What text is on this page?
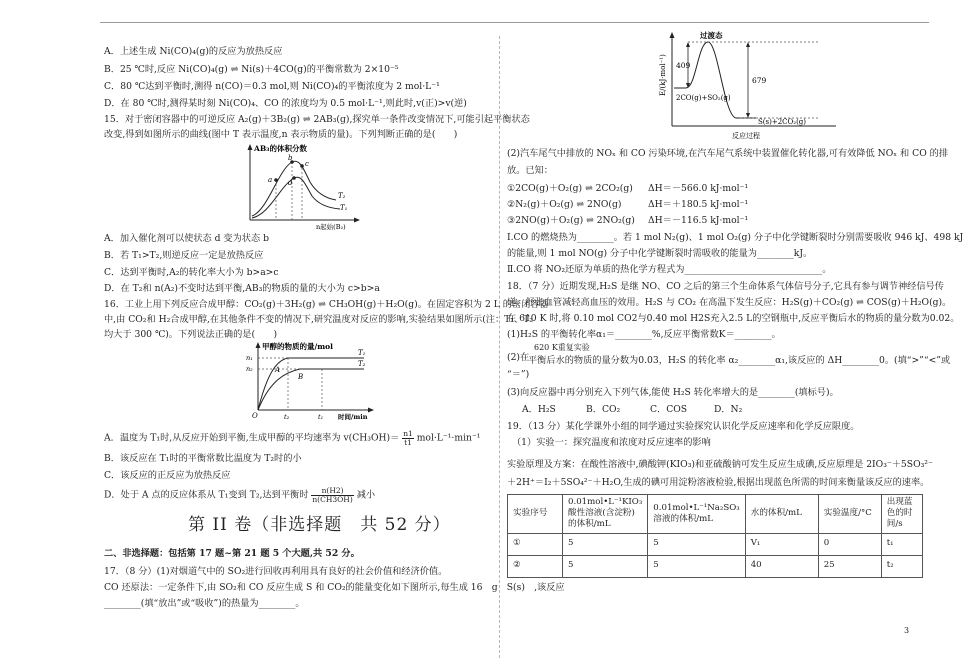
A．上述生成 Ni(CO)₄(g)的反应为放热反应
B．25 ℃时,反应 Ni(CO)₄(g) ⇌ Ni(s)＋4CO(g)的平衡常数为 2×10⁻⁵
C．80 ℃达到平衡时,测得 n(CO)＝0.3 mol,则 Ni(CO)₄的平衡浓度为 2 mol·L⁻¹
D．在 80 ℃时,测得某时刻 Ni(CO)₄、CO 的浓度均为 0.5 mol·L⁻¹,则此时,v(正)>v(逆)
15．对于密闭容器中的可逆反应 A₂(g)＋3B₂(g) ⇌ 2AB₃(g),探究单一条件改变情况下,可能引起平衡状态
改变,得到如图所示的曲线(图中 T 表示温度,n 表示物质的量)。下列判断正确的是(　　)
AB₃的体积分数
a
b
c
d
T₂
T₁
n起始(B₂)
A．加入催化剂可以使状态 d 变为状态 b
B．若 T₁>T₂,则逆反应一定是放热反应
C．达到平衡时,A₂的转化率大小为 b>a>c
D．在 T₂和 n(A₂)不变时达到平衡,AB₃的物质的量的大小为 c>b>a
16．工业上用下列反应合成甲醇：CO₂(g)＋3H₂(g) ⇌ CH₃OH(g)＋H₂O(g)。在固定容积为 2 L 的密闭容器
中,由 CO₂和 H₂合成甲醇,在其他条件不变的情况下,研究温度对反应的影响,实验结果如图所示(注：T₁、T₂
均大于 300 ℃)。下列说法正确的是(　　)
甲醇的物质的量/mol
n₁
n₂
T₁
T₂
A
B
O	t₂	t₁ 时间/min
A．温度为 T₁时,从反应开始到平衡,生成甲醇的平均速率为 $v(CH_3OH)= \frac{n1}{t1} mol\cdot L^{-1}\cdot\min^{-1}$
B．该反应在 T₁时的平衡常数比温度为 T₂时的小
C．该反应的正反应为放热反应
D．处于 A 点的反应体系从 T₁变到 T₂,达到平衡时 $\frac{n(H2)}{n(CH3OH)}$ 减小
第 II 卷（非选择题　共 52 分）
二、非选择题：包括第 17 题~第 21 题 5 个大题,共 52 分。
17．（8 分）(1)对烟道气中的 SO₂进行回收再利用具有良好的社会价值和经济价值。
CO 还原法：一定条件下,由 SO₂和 CO 反应生成 S 和 CO₂的能量变化如下图所示,每生成 16　g　S(s)　,该反应
________(填“放出”或“吸收”)的热量为________。
E/(kJ·mol⁻¹)
过渡态
409
679
2CO(g)+SO₂(g)
S(s)+2CO₂(g)
反应过程
(2)汽车尾气中排放的 NOₓ 和 CO 污染环境,在汽车尾气系统中装置催化转化器,可有效降低 NOₓ 和 CO 的排
放。已知：
①2CO(g)＋O₂(g) ⇌ 2CO₂(g) ΔH＝－566.0 kJ·mol⁻¹
②N₂(g)＋O₂(g) ⇌ 2NO(g)	ΔH＝＋180.5 kJ·mol⁻¹
③2NO(g)＋O₂(g) ⇌ 2NO₂(g) ΔH＝－116.5 kJ·mol⁻¹
Ⅰ.CO 的燃烧热为________。若 1 mol N₂(g)、1 mol O₂(g) 分子中化学键断裂时分别需要吸收 946 kJ、498 kJ
的能量,则 1 mol NO(g) 分子中化学键断裂时需吸收的能量为________kJ。
Ⅱ.CO 将 NO₂还原为单质的热化学方程式为______________________________。
18．（7 分）近期发现,H₂S 是继 NO、CO 之后的第三个生命体系气体信号分子,它具有参与调节神经信号传
递、舒张血管减轻高血压的效用。H₂S 与 CO₂ 在高温下发生反应：H₂S(g)＋CO₂(g) ⇌ COS(g)＋H₂O(g)。
在 610 K 时,将 0.10 mol CO2与0.40 mol H2S充入2.5 L的空钢瓶中,反应平衡后水的物质的量分数为0.02。
(1)H₂S 的平衡转化率α₁＝________%,反应平衡常数K＝________。
620 K重复实验
(2)在
平衡后水的物质的量分数为0.03，H₂S 的转化率 α₂________α₁,该反应的 ΔH________0。(填“>”“<”或
“＝”)
(3)向反应器中再分别充入下列气体,能使 H₂S 转化率增大的是________(填标号)。
A．H₂S	B．CO₂	C．COS	D．N₂
19．（13 分）某化学课外小组的同学通过实验探究认识化学反应速率和化学反应限度。
（1）实验一：探究温度和浓度对反应速率的影响
实验原理及方案：在酸性溶液中,碘酸钾(KIO₃)和亚硫酸钠可发生反应生成碘,反应原理是 2IO₃⁻＋5SO₃²⁻
＋2H⁺＝I₂＋5SO₄²⁻＋H₂O,生成的碘可用淀粉溶液检验,根据出现蓝色所需的时间来衡量该反应的速率。
实验序号	0.01mol•L⁻¹KIO₃酸性溶液(含淀粉)的体积/mL	0.01mol•L⁻¹Na₂SO₃溶液的体积/mL	水的体积/mL	实验温度/°C	出现蓝色的时间/s
①	5	5	V₁	0	t₁
②	5	5	40	25	t₂
3
